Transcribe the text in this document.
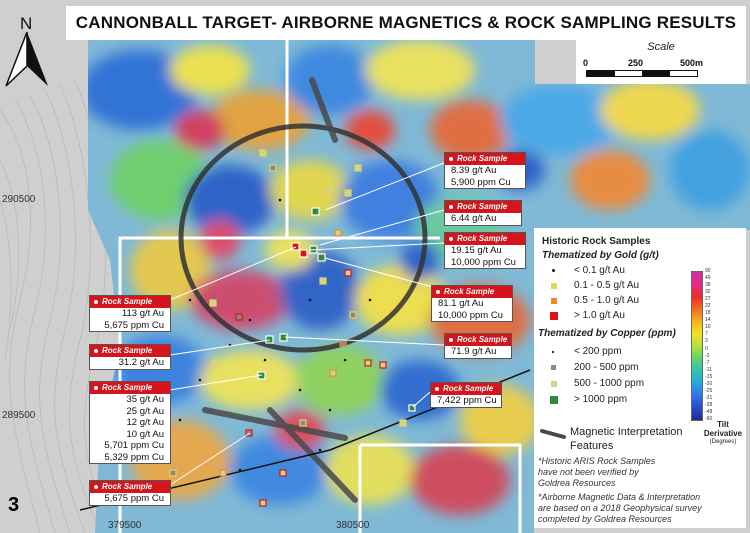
N	CANNONBALL TARGET- AIRBORNE MAGNETICS & ROCK SAMPLING RESULTS
Scale
0	250	500m
290500
289500
379500	380500
Rock Sample
8.39 g/t Au
5,900 ppm Cu
Rock Sample
6.44 g/t Au
Rock Sample
19.15 g/t Au
10,000 ppm Cu
Rock Sample
81.1 g/t Au
10,000 ppm Cu
Rock Sample
71.9 g/t Au
Rock Sample
7,422 ppm Cu
Rock Sample
113 g/t Au
5,675 ppm Cu
Rock Sample
31.2 g/t Au
Rock Sample
35 g/t Au
25 g/t Au
12 g/t Au
10 g/t Au
5,701 ppm Cu
5,329 ppm Cu
Rock Sample
5,675 ppm Cu
Historic Rock Samples
Thematized by Gold (g/t)
< 0.1 g/t Au
0.1 - 0.5 g/t Au
0.5 - 1.0 g/t Au
> 1.0 g/t Au
Thematized by Copper (ppm)
< 200 ppm
200 - 500 ppm
500 - 1000 ppm
> 1000 ppm
Magnetic Interpretation
Features
*Historic ARIS Rock Samples
have not been verified by
Goldrea Resources
*Airborne Magnetic Data & Interpretation
are based on a 2018 Geophysical survey
completed by Goldrea Resources
90
49
38
32
27
22
18
14
10
7
3
0
-3
-7
-11
-15
-20
-25
-31
-38
-48
-90
Tilt
Derivative
(Degrees)
3
